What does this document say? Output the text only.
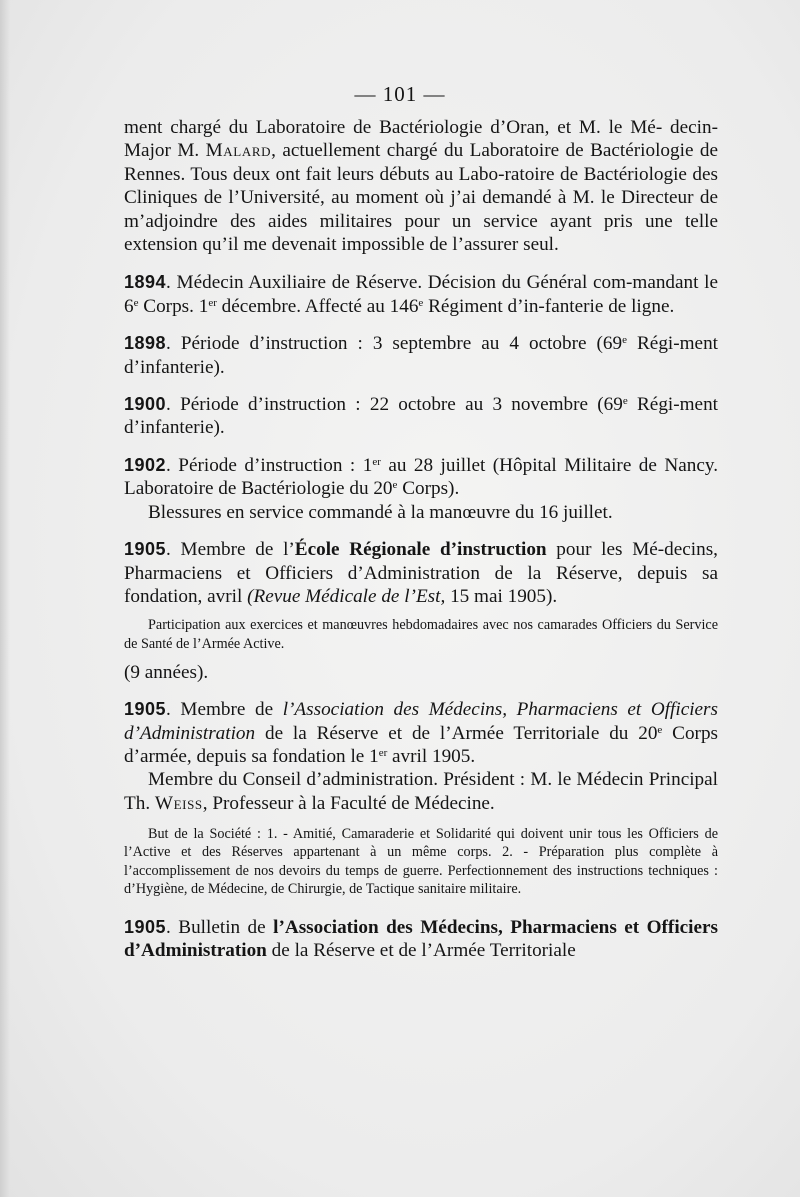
— 101 —

ment chargé du Laboratoire de Bactériologie d’Oran, et M. le Mé- decin-Major M. Malard, actuellement chargé du Laboratoire de Bactériologie de Rennes. Tous deux ont fait leurs débuts au Labo-ratoire de Bactériologie des Cliniques de l’Université, au moment où j’ai demandé à M. le Directeur de m’adjoindre des aides militaires pour un service ayant pris une telle extension qu’il me devenait impossible de l’assurer seul.

1894. Médecin Auxiliaire de Réserve. Décision du Général com-mandant le 6e Corps. 1er décembre. Affecté au 146e Régiment d’in-fanterie de ligne.

1898. Période d’instruction : 3 septembre au 4 octobre (69e Régi-ment d’infanterie).

1900. Période d’instruction : 22 octobre au 3 novembre (69e Régi-ment d’infanterie).

1902. Période d’instruction : 1er au 28 juillet (Hôpital Militaire de Nancy. Laboratoire de Bactériologie du 20e Corps).

Blessures en service commandé à la manœuvre du 16 juillet.

1905. Membre de l’École Régionale d’instruction pour les Mé-decins, Pharmaciens et Officiers d’Administration de la Réserve, depuis sa fondation, avril (Revue Médicale de l’Est, 15 mai 1905).

Participation aux exercices et manœuvres hebdomadaires avec nos camarades Officiers du Service de Santé de l’Armée Active.

(9 années).

1905. Membre de l’Association des Médecins, Pharmaciens et Officiers d’Administration de la Réserve et de l’Armée Territoriale du 20e Corps d’armée, depuis sa fondation le 1er avril 1905.

Membre du Conseil d’administration. Président : M. le Médecin Principal Th. Weiss, Professeur à la Faculté de Médecine.

But de la Société : 1. - Amitié, Camaraderie et Solidarité qui doivent unir tous les Officiers de l’Active et des Réserves appartenant à un même corps. 2. - Préparation plus complète à l’accomplissement de nos devoirs du temps de guerre. Perfectionnement des instructions techniques : d’Hygiène, de Médecine, de Chirurgie, de Tactique sanitaire militaire.

1905. Bulletin de l’Association des Médecins, Pharmaciens et Officiers d’Administration de la Réserve et de l’Armée Territoriale
